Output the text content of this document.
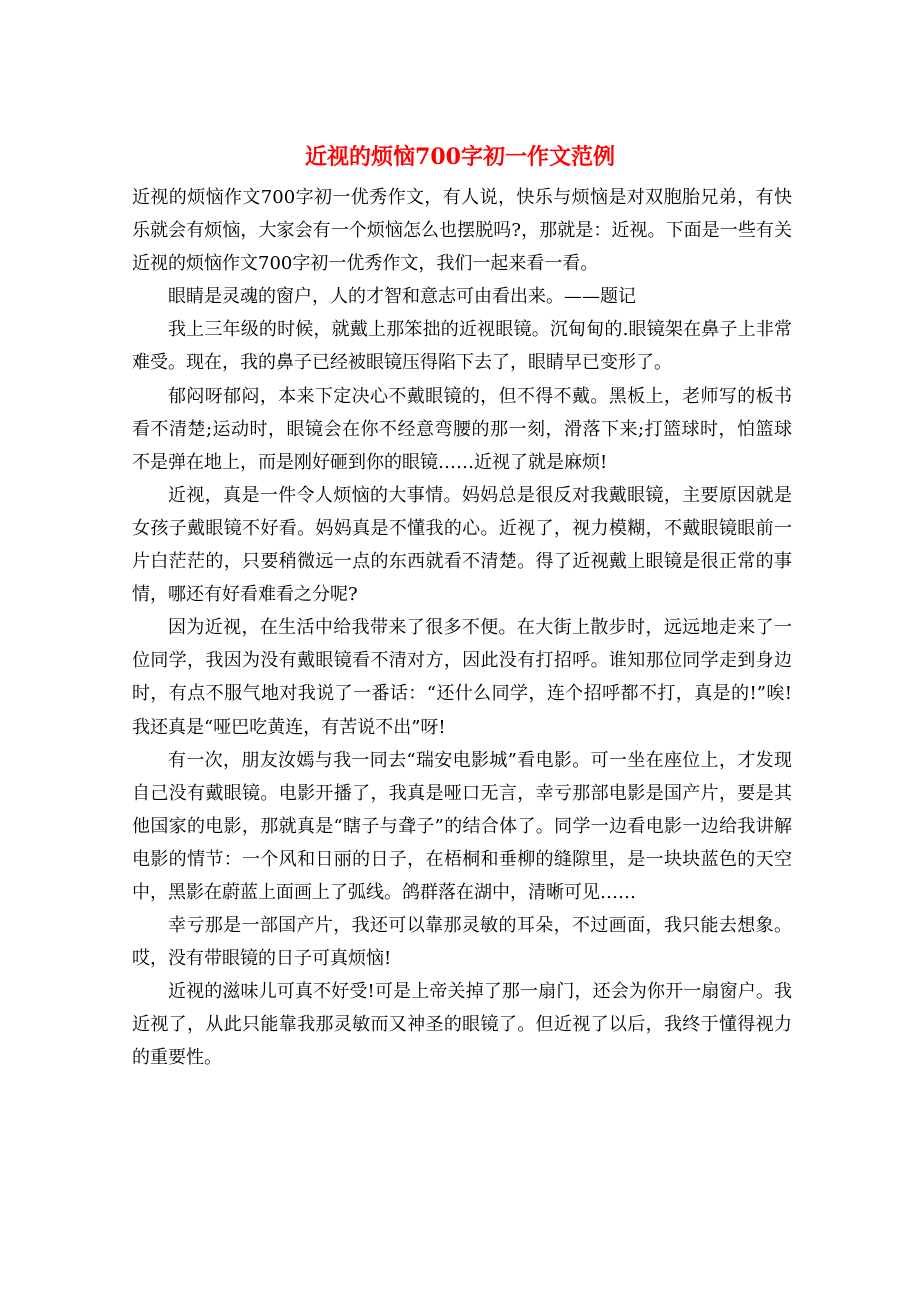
近视的烦恼700字初一作文范例

近视的烦恼作文700字初一优秀作文，有人说，快乐与烦恼是对双胞胎兄弟，有快乐就会有烦恼，大家会有一个烦恼怎么也摆脱吗?，那就是：近视。下面是一些有关近视的烦恼作文700字初一优秀作文，我们一起来看一看。

眼睛是灵魂的窗户，人的才智和意志可由看出来。——题记

我上三年级的时候，就戴上那笨拙的近视眼镜。沉甸甸的.眼镜架在鼻子上非常难受。现在，我的鼻子已经被眼镜压得陷下去了，眼睛早已变形了。

郁闷呀郁闷，本来下定决心不戴眼镜的，但不得不戴。黑板上，老师写的板书看不清楚;运动时，眼镜会在你不经意弯腰的那一刻，滑落下来;打篮球时，怕篮球不是弹在地上，而是刚好砸到你的眼镜……近视了就是麻烦!

近视，真是一件令人烦恼的大事情。妈妈总是很反对我戴眼镜，主要原因就是女孩子戴眼镜不好看。妈妈真是不懂我的心。近视了，视力模糊，不戴眼镜眼前一片白茫茫的，只要稍微远一点的东西就看不清楚。得了近视戴上眼镜是很正常的事情，哪还有好看难看之分呢?

因为近视，在生活中给我带来了很多不便。在大街上散步时，远远地走来了一位同学，我因为没有戴眼镜看不清对方，因此没有打招呼。谁知那位同学走到身边时，有点不服气地对我说了一番话：“还什么同学，连个招呼都不打，真是的!”唉!我还真是“哑巴吃黄连，有苦说不出”呀!

有一次，朋友汝嫣与我一同去“瑞安电影城”看电影。可一坐在座位上，才发现自己没有戴眼镜。电影开播了，我真是哑口无言，幸亏那部电影是国产片，要是其他国家的电影，那就真是“瞎子与聋子”的结合体了。同学一边看电影一边给我讲解电影的情节：一个风和日丽的日子，在梧桐和垂柳的缝隙里，是一块块蓝色的天空中，黑影在蔚蓝上面画上了弧线。鸽群落在湖中，清晰可见……

幸亏那是一部国产片，我还可以靠那灵敏的耳朵，不过画面，我只能去想象。哎，没有带眼镜的日子可真烦恼!

近视的滋味儿可真不好受!可是上帝关掉了那一扇门，还会为你开一扇窗户。我近视了，从此只能靠我那灵敏而又神圣的眼镜了。但近视了以后，我终于懂得视力的重要性。
